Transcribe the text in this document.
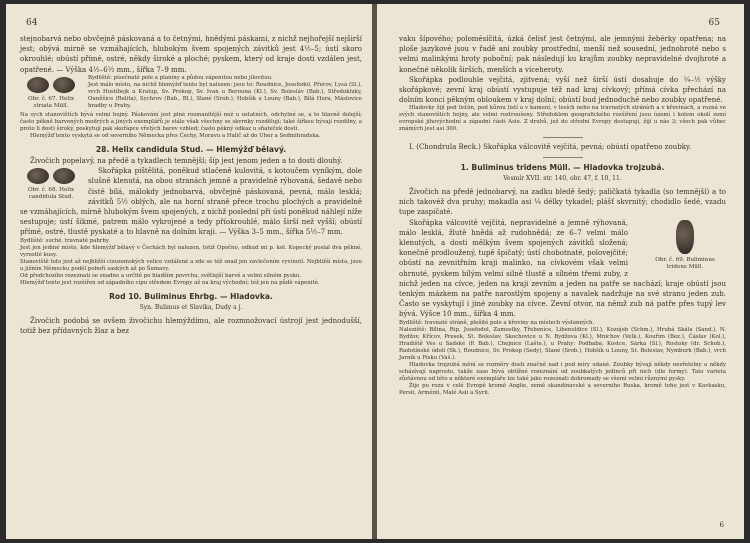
64

stejnobarvá nebo obvčejně páskovaná a to četnými, hnědými páskami, z nichž nejhořejší nejširší jest; obývá mirně se vzmáhajících, hlubokým švem spojených závitků jest 4½–5; ústí skoro okrouhlé; obústí přímé, ostré, někdy široké a ploché; pyskem, který od kraje dosti vzdálen jest, opatřené. — Výška 4½–6½ mm., šířka 7–9 mm.

Obr. č. 67. Helix striata Müll.

Bydliště: písečnaté pole a planiny a půdou vápenitou nebo jílovitou.

Jest málo místo, na nichž hlemýžď tento byl nalezen: jsou to: Roudnice, Josefodol, Přerov, Lysá (Sl.), vrch Hostíbejk u Kralup, Sv. Prokop, Sv. Ivan u Berouna (Kl.), Sv. Bolesláv (Bab.), Středokluky, Ouněšice (Relita), Sychrov (Bab., Bl.), Slané (Srob.), Hobšík u Louny (Bab.), Bílá Hora, Máslovice hradby u Prahy.

Na sych stanovištích bývá velmi hojný. Páskování jest plné rozmanitější než u ostatních, odchylné se, a to hlavně dolejší; často pěkně barvených modrých a jiných exemplářů je stále však všechny se skvrnky rozdělují; také šířkou bývají rozdílny, a proto li dosti široký, poskytují pak skořápce vřelých barev vzhled; často pěkný odkaz u sňateček dosti.

Hlemýžď tento vyskytá se od severního Německa přes Čechy, Moravu a Halič až do Uher a Sedmihradska.

28. Helix candidula Stud. — Hlemýžď bělavý.

Živočich popelavý, na předě a tykadlech temnější; šíp jest jenom jeden a to dosti dlouhý.

Obr. č. 68. Helix candidula Stud.

Skořápka pištělitá, poněkud stlačeně kulovitá, s kotoučem vyníkým, dole slušně klenutá, na obou stranách jemně a pravidelně rýhovaná, šedavě nebo čistě bílá, málokdy jednobarvá, obvčejně páskovaná, pevná, málo lesklá; závitků 5½ oblých, ale na horní straně přece trochu plochých a pravidelně se vzmáhajících, mírně hlubokým švem spojených, z nichž poslední při ústí poněkud náhlejí níže sestupuje; ústí šikmé, patrem málo vykrojené a tedy příokrouhlé, málo širší než vyšší; obústí přímé, ostré, tlustě pyskaté a to hlavně na dolním kraji. — Výška 3–5 mm., šířka 5½–7 mm.

Bydliště: suché, travnaté pahrby.

Jest jen jediné místo, kde hlemýžď bělavý v Čechách byl nalezen, totiž Opočno, odkud mi p. kol. Kopecký poslal dva pěkné, vyrostlé kusy.

Stanoviště toto jest až nejbližší cizozemských velice vzdálené a zde se též snad jen zavlečením vyvinutí. Nejbližší místa, jsou u jižním Německu podél poboří saských až po Šumavy.

Od předchozího rozeznati se snadno a určitě po hladším povrchu, světlejší barvě a velmi silném pysku.

Hlemýžď tento jest rozšířen od západního cípu středem Evropy až na kraj východní; též jen na půdě vápenité.

Rod 10. Buliminus Ehrbg. — Hladovka.
Syn. Bulimus et Slavika, Dudy a j.

Živočich podobá se ovšem živočichu hlemýždímu, ale rozmnožovací ústrojí jest jednodušší, totiž bez přídavných žlaz a bez

65

vaku šípového; polomésíčitá, úzká čelisť jest četnými, ale jemnými žebérky opatřena; na ploše jazykové jsou v řadě ani zoubky prostřední, menší než sousední, jednohroté nebo s velmi malinkými hroty poboční; pak následují ku krajům zoubky nepravidelné dvojhroté a konečné několik širších, menších a víceheroty.

Skořápka podlouhle vejčitá, zjitvená; vyší než širší ústí dosahuje do ¼–½ výšky skořápkové; zevní kraj obústí vystupuje též nad kraj cívkový; přímá cívka přechází na dolním konci pěkným obloukem v kraj dolní; obústí bud jednoduché nebo zoubky opatřené.

Hladovky žijí pod listím, pod kůrou listí a v kamení, v lesích nebo na travnatých stráních a v křovinách, a rozná ve svých stanovištích hojny, ale velmi roztroušeny. Středoklem geografického rozšíření jsou území i kolem okolí zemí evropské jihovýchodní a západní části Asie. Z druhů, jež do střední Evropy dostupují, žijí u nás 3; všech pak vůbec známých jest asi 300.

I. (Chondrula Beck.) Skořápka válcovitě vejčitá, pevná; obústí opatřeno zoubky.

1. Buliminus tridens Müll. — Hladovka trojzubá.
Vesmír XVII. str. 140, obr. 47, f. 10, 11.

Živočich na předě jednobarvý, na zadku bledě šedý; paličkatá tykadla (so temnější) a to nich takovéž dva pruhy; makadla asi ¼ délky tykadel; plášť skvrnitý; chodidlo šedé, vzadu tupe zaspičaté.

Obr. č. 69. Buliminus tridens Müll.

Skořápka válcovitě vejčitá, nepravidelné a jemně rýhovaná, málo lesklá, žlutě hnědá až rudohnědá; ze 6–7 velmi málo klenutých, a dosti mělkým švem spojených závitků složená; konečně prodloužený, tupě špičatý; ústí chobotnaté, polovejčité; obústí na zevnitřním kraji malinko, na cívkovém však velmi ohrnuté, pyskem bílým velmi silně tlustě a sílném třemi zuby, z nichž jeden na cívce, jeden na kraji zevním a jeden na patře se nachází; kraje obústí jsou tenkým mázkem na patře narostlým spojeny a navalek nadržuje na své stranu jeden zub. Často se vyskytují i jiné zoubky na cívce. Zevní otvor, na němž zub ná patře přes tupý lev bývá. Výšce 10 mm., šířka 4 mm.

Bydliště: travnaté stráně, plešité pole a křoviny na místech výslunných.

Naleziště: Bílina, Rip, Josefodol, Zamostky, Třebenice, Libenoldice (Sl.), Kozojeb (Schm.), Hrubá Skála (Sand.), N. Bydžov, Křícov, Presek, St. Boleslav, Skochovice u N. Bydžova (Kl.), Mnichov (Velk.), Kouřim (Bez.), Čáslav (Kol.), Hradiště Ves u Sadské (P. Bab.), Chejnice (Lašte.), u Prahy: Podbaba, Kostce, Sárka (Sl.), Rostoky (dr. Schob.), Radotínské údolí (Sk.), Roudnice, Sv. Prokop (Sedy), Slané (Srob.), Hobšík u Louny, St. Boleslav, Nymburk (Bab.), vrch Jarník u Písku (Vaš.).

Hladovka trojzubá mění se rozměry dosti značně nad i pod míry udané. Zoubky bývají někdy nezřetelny a někdy scházívají naprosto, takže zase bývá obtížné rozeznání od zoubkatých jedinců při nich (dle formy). Tato varieta zůstávnou od této a některé exempláře lze také jako rozeznati dohromady se všemi velmi různými pysky.

Žije po rozu v celé Evropě kromě Anglie, země skandinavské a severního Ruska, kromě toho jest v Kavkasku, Persii, Arménii, Malé Asii a Syrii.

6
